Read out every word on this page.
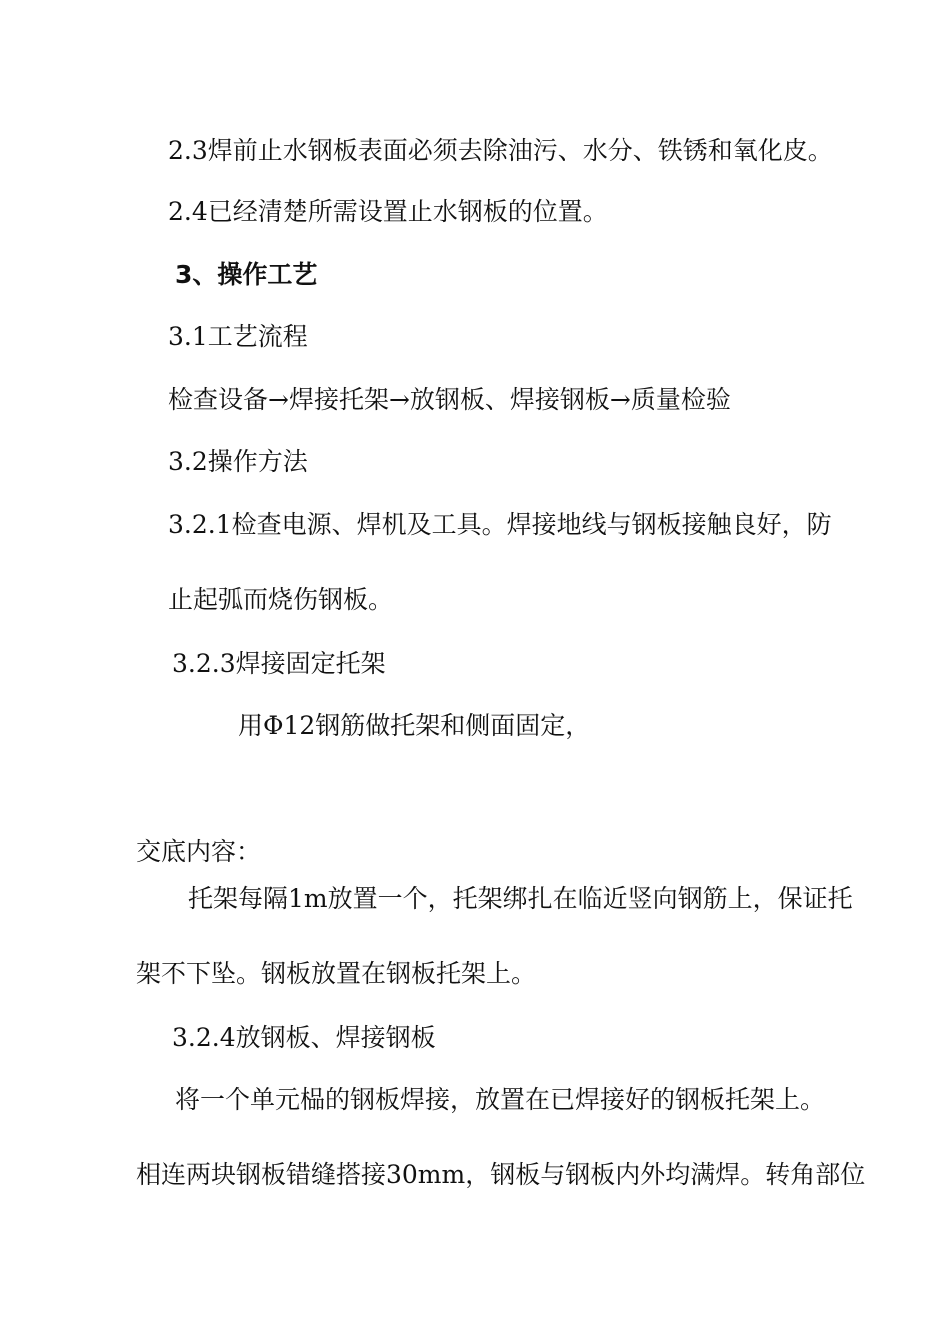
2.3焊前止水钢板表面必须去除油污、水分、铁锈和氧化皮。
2.4已经清楚所需设置止水钢板的位置。
3、操作工艺
3.1工艺流程
检查设备→焊接托架→放钢板、焊接钢板→质量检验
3.2操作方法
3.2.1检查电源、焊机及工具。焊接地线与钢板接触良好，防
止起弧而烧伤钢板。
3.2.3焊接固定托架
用Φ12钢筋做托架和侧面固定，
交底内容：
托架每隔1m放置一个，托架绑扎在临近竖向钢筋上，保证托
架不下坠。钢板放置在钢板托架上。
3.2.4放钢板、焊接钢板
将一个单元榀的钢板焊接，放置在已焊接好的钢板托架上。
相连两块钢板错缝搭接30mm，钢板与钢板内外均满焊。转角部位
